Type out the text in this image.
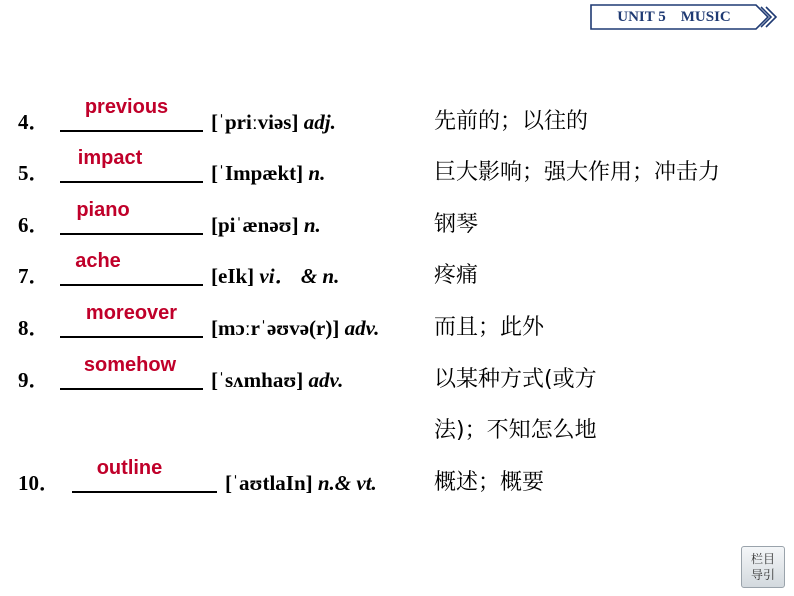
UNIT 5    MUSIC
4．
previous
[ˈpriːviəs] adj.	先前的；以往的
5．
impact
[ˈImpækt] n.	巨大影响；强大作用；冲击力
6．
piano
[piˈænəʊ] n.	钢琴
7．
ache
[eIk] vi． & n.	疼痛
8．
moreover
[mɔːrˈəʊvə(r)] adv. 而且；此外
9．
somehow
[ˈsʌmhaʊ] adv.	以某种方式(或方
法)；不知怎么地
10．
outline
[ˈaʊtlaIn] n.& vt.	概述；概要
栏目
导引
